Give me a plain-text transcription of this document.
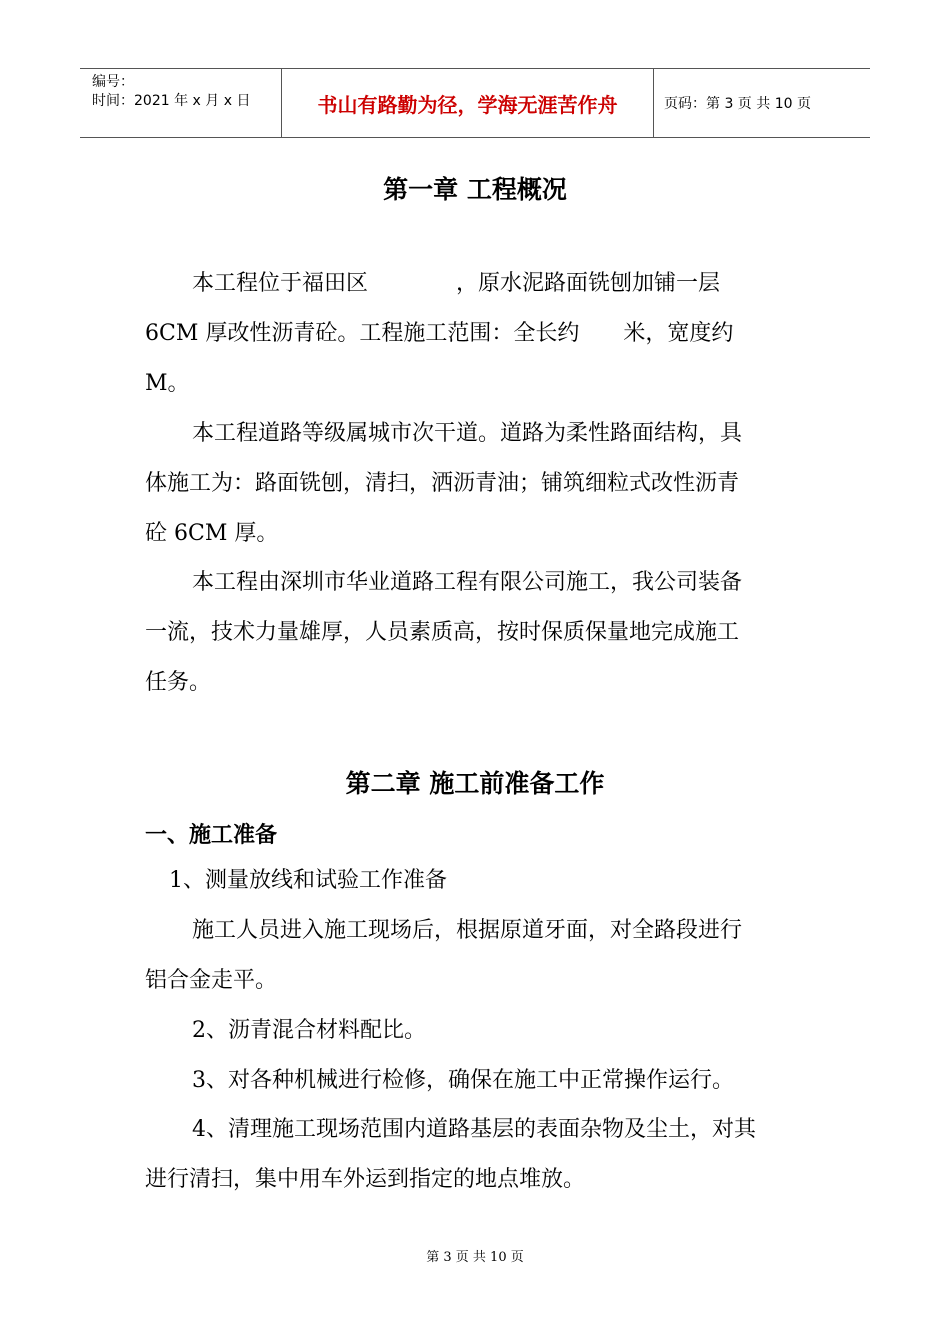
编号：
时间：2021 年 x 月 x 日	书山有路勤为径，学海无涯苦作舟	页码：第 3 页 共 10 页
第一章 工程概况
本工程位于福田区　　　　，原水泥路面铣刨加铺一层
6CM 厚改性沥青砼。工程施工范围：全长约　　米，宽度约
M。
本工程道路等级属城市次干道。道路为柔性路面结构，具
体施工为：路面铣刨，清扫，洒沥青油；铺筑细粒式改性沥青
砼 6CM 厚。
本工程由深圳市华业道路工程有限公司施工，我公司装备
一流，技术力量雄厚，人员素质高，按时保质保量地完成施工
任务。
第二章 施工前准备工作
一、施工准备
1、测量放线和试验工作准备
施工人员进入施工现场后，根据原道牙面，对全路段进行
铝合金走平。
2、沥青混合材料配比。
3、对各种机械进行检修，确保在施工中正常操作运行。
4、清理施工现场范围内道路基层的表面杂物及尘土，对其
进行清扫，集中用车外运到指定的地点堆放。
第 3 页 共 10 页
